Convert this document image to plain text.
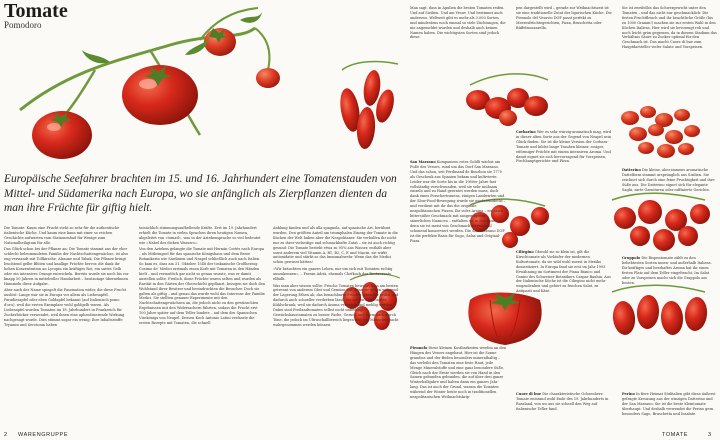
Tomate
Pomodoro
Europäische Seefahrer brachten im 15. und 16. Jahrhundert eine Tomatenstauden von Mittel- und Südamerika nach Europa, wo sie anfänglich als Zierpflanzen dienten da man ihre Früchte für giftig hielt.

Die Tomate: Kaum eine Frucht steht so sehr für die authentische italienische Küche. Und kaum eine kann mit einer so reichen Geschichte aufwarten vom Stationenbad für Wenige zum Nationalheiligtum für alle.

Das Glück schon bei der Pflanze an: Die Tomate stammt aus der eher schlecht beleumundeten Familie der Nachtschattengewächse, ist also eng verwandt mit Tollkirsche, Alraune und Tabak. Die Pflanze bringt leuchtend gelbe Blüten und knallige Früchte hervor, die dank ihr hohen Konzentration an Lycopin ein kräftiges Rot, ein sattes Gelb oder ein intensives Orange entwickeln. Bereits wurde sie noch bis vor knapp 50 Jahren in mittelroller Handarbeit – heutzutage übernehmen Hummeln diese Aufgabe.

Aber auch der Name spiegelt die Faszination wider, die diese Frucht auslöst: Lange war sie in Europa vor allem als Liebesapfel, Paradiesapfel oder eben Goldapfel bekannt (auf Italienisch pomo d'oro), weil die ersten Exemplare wohl goldgelb waren. Als Liebesapfel wurden Tomaten im 18. Jahrhundert in Frankreich für Zuckerbäcker verwendet, weil ihnen eine aphrodisierende Wirkung nachgesagt wurde. Dies stimmt sogar ein wenig: Ihre Inhaltsstoffe Tryamin und Serotonin haben

tatsächlich stimmungsaufhellende Kräfte. Erst im 19. Jahrhundert erhielt die Tomate in vielen Sprachen ihren heutigen Namen, abgeleitet von »tomatl«, was in der Aztekensprache so viel bedeutet wie »Nabel des dicken Wassers«.

Von den Azteken gelangte die Tomate mit Hernán Cortés nach Europa – als Mitbringsel für das spanische Königshaus und dem Beste Botanikerin wie Sardinien und Neapel schließlich auch nach Italien. So kam es, dass am 31. Oktober 1548 der toskanische Großherzog Cosimo de' Medici erstmals einen Korb mit Tomaten in den Händen hielt – und vermutlich gar nicht so genau wusste, was er damit anstellen sollte. Freilich, diese Früchte waren selten und wurden als Rarität in den Gärten der Oberschicht gepflanzt, bezogen sie doch den Wohlstand ihrer Besitzer und beeindruckten die Besucher. Doch sie galten als giftig – und genau das wurde wohl das Interesse der Familie Medici. Sie stellten genauer Experimente mit den Nachtschattengewächsen an, die jedoch nicht zu den gewünschten Ergebnissen mit den Widersachern führten, sodass die Frucht erst 100 Jahre später auf dem Teller landete – auf dem des Spanischen Vizekönigs von Neapel. Dessen Koch Antonio Latini verfasste die ersten Rezepte mit Tomaten, die schnell

Anklang fanden und als alla spagnola, auf spanische Art, berühmt wurden. Den größten Anteil am triumphalen Einzug der Tomate in die Küchen der Welt haben aber die Neapolitaner. Sie verhalfen ihr nicht nur zu ihrer vielseitige und schmackhafte Zutat – sie ist auch richtig gesund: Die Tomate besteht etwa zu 95% aus Wasser, enthält aber sonst anderem viel Vitamin A, B1, B2, C, E und Niacin, sie wirkt antioxidativ und stärkt so das Immunabwehr. Wenn das die Medici schon gewusst hätten!

»Wir bräuchten ein ganzes Leben, nur um sich mit Tomaten richtig auszukennen«, – Ferran Adrià, ehemals Chefkoch des Restaurants elBulli.

Was man aber wissen sollte: Frische Tomaten bewahrt man am besten getrennt von anderem Obst und Gemüse auf, denn sie geben während der Lagerung Ethen ab, das benachbarte Früchte schneller reifen und dadurch auch schneller verderben lässt. Sie sollten nicht in den Kühlschrank, weil sie dadurch Aroma verlieren und mehlig werden. Dabei sind Freilandtomaten selbst nicht unbedingt Gewächshaustomaten zu besser Farbe, Geruch und Form auch durch Töne, die jedoch im Ultraschallbereich liegen und von Menschen nicht wahrgenommen werden können.

Man sagt, dass in Apulien die besten Tomaten reifen. Und auf Sizilien. Und am Vesuv. Und bestimmt auch anderswo. Weltweit gibt es mehr als 3.000 Sorten und mindestens noch einmal so viele Züchtungen, die nie angemeldet wurden und deshalb auch keinen Namen haben. Die wichtigsten Sorten sind jedoch diese:

pen dargestellt wird – gerade zur Weihnachtszeit ist sie eine traditionelle Zutat der ligurischen Küche. Die Piennolo del Vesuvio DOP passt perfekt zu Meeresfrüchtegerichten, Pizza, Bruschetta oder Büffelmozzarella.

Sie ist zweifellos das Schwergewicht unter den Tomaten – und das nicht nur geschmacklich: Die festen Fruchtfleisch und ihr beachtliche Größe (bis zu 1000 Gramm!) machen sie zur ersten Wahl in den Küchen Italiens. Hier wird sie bevorzugt roh und noch leicht grün gegessen, da in diesem Stadium das Verhältnis Säure zu Zucker optimal für den Geschmack ist. Das macht Cuore di bue zum Hauptdarsteller vieler Salate und Vorspeisen.

Corbarino Wer es sehr würzig-aromatisch mag, wird in dieser alten Sorte aus der Gegend von Neapel sein Glück finden. Sie ist die kleine Version der Corbara-Tomate und bildet lange Trauben kleiner, rosiger, eiförmiger Früchte mit einem intensiven Aroma. Und damit eignet sie sich hervorragend für Vorspeisen, Fischhauptgerichte und Pizza.
Datterino Die kleine, aber immens aromatische Dattelform stammt ursprünglich aus Sizilien. Sie zeichnet sich durch eine feine Fruchtigkeit und ihre Süße aus. Die Datterino eignet sich für elegante Saghi, zarte Garnituren oder raffinierte Gerichte.
San Marzano Kompaniero rotes Goldli wächst am Fuße des Vesuvs, rund um das Dorf San Marzano. Und das schon, seit Ferdinand de Bourbon sie 1770 als Geschenk aus Spanien bekam und kultivierte. Leider war die Sorte bis in die 1980er Jahre fast vollständig verschwunden, weil sie sehr mühsam einzeln und zu Hand geerntet werden muss, doch dank eines Forschertrauens, einigen Landwirten und der Slow-Food-Bewegung wurde sie wiederentdeckt – und verdient mit ihr das die originale neapolitanischen Pizzen. Ihr voles Aroma – ein stark bittersüßer Geschmack mit ausgewogener säuerlichen Nuancen – entfalten sie in der Dose, denn sie ist meist von Geschmack Warvorhaal schonend konserviert werden. Die San Marzano DOP ist die perfekte Basis für Sugo, Salsa und Original-Pizza.
Ciliegino Obwohl sie so klein ist, gilt die Kirschtomate als Vorläufer der modernen Kulturtomate, da sie wild wohl zuerst in Mexiko domestiziert. In Europa fand sie erst im Jahr 1993 Erwähnung im Sortiment der Pinna Bianco und Gonini des Schweizer Botanikers Caspar Bauhin. Aus der Italienische Küche ist die Ciliegino nicht mehr wegzudenken und gehört zu frischen Salat, zu Antipasti und Käse.
Gruppolo Die Rispentomate zählt zu den beliebtesten Sorten innen- und außerhalb Italiens. Ihr kräftiges und herzhaftes Aroma hat ihr einen festen Platz auf dem Teller eingebracht. Im Salat oder zu Vorspeisen macht sich die Grappolo am besten.
Piennolo Diese kleinen Kostbarkeiten werden an den Hängen des Vesuvs angebaut. Hier ist die Sonne grandios und der Boden besonders mineralhaltig – das verleiht den Tomaten eine feste Haut, jede Menge Mineralstoffe und eine ganz besondere Süße. Gleich nach der Ernte werden sie von Hand in den Samen gebunden gebunden, die auf über drei ganze Winterhalbjahre und halten dann ein ganzes Jahr lang. Das ist auch der Grund, warum die Tomaten während der Winter heute noch in traditionellen neapolitanischen Weihnachtskrip-
Cuore di bue Die charakteristische Ochsenherz-Tomate entstand wohl Ende des 19. Jahrhunderts in Russland, von wo aus sie schnell den Weg auf italienische Teller fand.
Perino In fiere Heimat Süditalien gibt diese äußerst gefragte Kreuzung aus der winzigen Datterino und der San Marzano: Sie ist die beste Kleintomate überhaupt. Und deshalb verwendet die Perino gern besonders Sugo, Bruschetta und Insalate.
2 WARENGRUPPE	TOMATE	3
